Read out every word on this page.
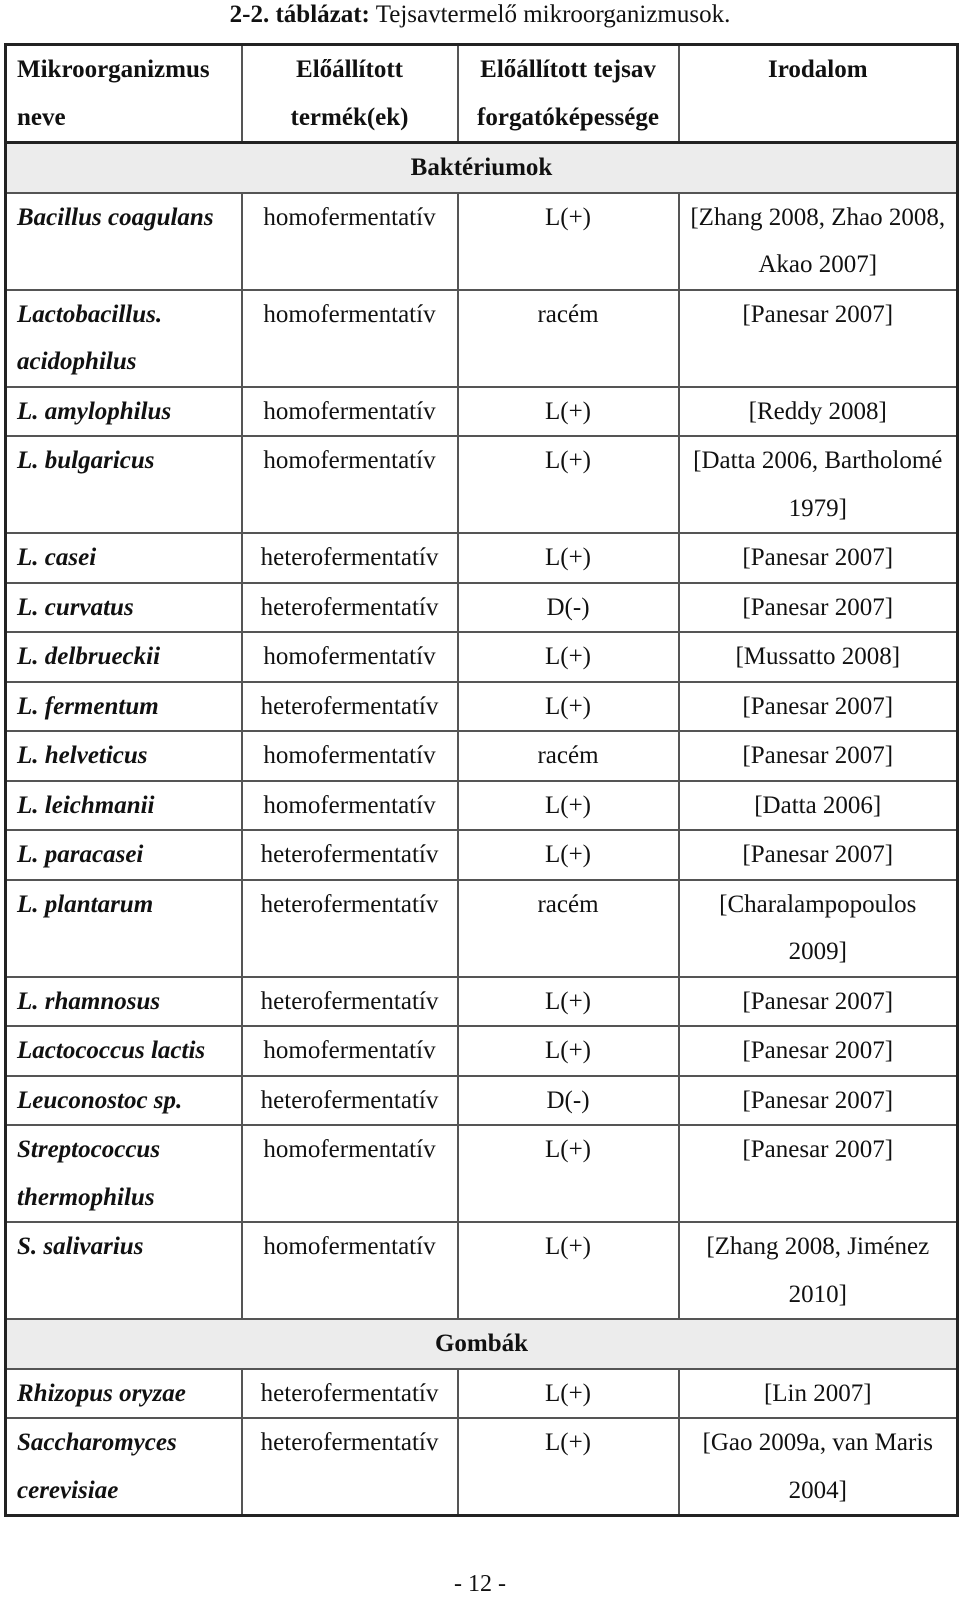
2-2. táblázat: Tejsavtermelő mikroorganizmusok.
Mikroorganizmus neve	Előállított termék(ek)	Előállított tejsav forgatóképessége	Irodalom
Baktériumok			
Bacillus coagulans	homofermentatív	L(+)	[Zhang 2008, Zhao 2008, Akao 2007]
Lactobacillus. acidophilus	homofermentatív	racém	[Panesar 2007]
L. amylophilus	homofermentatív	L(+)	[Reddy 2008]
L. bulgaricus	homofermentatív	L(+)	[Datta 2006, Bartholomé 1979]
L. casei	heterofermentatív	L(+)	[Panesar 2007]
L. curvatus	heterofermentatív	D(-)	[Panesar 2007]
L. delbrueckii	homofermentatív	L(+)	[Mussatto 2008]
L. fermentum	heterofermentatív	L(+)	[Panesar 2007]
L. helveticus	homofermentatív	racém	[Panesar 2007]
L. leichmanii	homofermentatív	L(+)	[Datta 2006]
L. paracasei	heterofermentatív	L(+)	[Panesar 2007]
L. plantarum	heterofermentatív	racém	[Charalampopoulos 2009]
L. rhamnosus	heterofermentatív	L(+)	[Panesar 2007]
Lactococcus lactis	homofermentatív	L(+)	[Panesar 2007]
Leuconostoc sp.	heterofermentatív	D(-)	[Panesar 2007]
Streptococcus thermophilus	homofermentatív	L(+)	[Panesar 2007]
S. salivarius	homofermentatív	L(+)	[Zhang 2008, Jiménez 2010]
Gombák			
Rhizopus oryzae	heterofermentatív	L(+)	[Lin 2007]
Saccharomyces cerevisiae	heterofermentatív	L(+)	[Gao 2009a, van Maris 2004]
- 12 -
